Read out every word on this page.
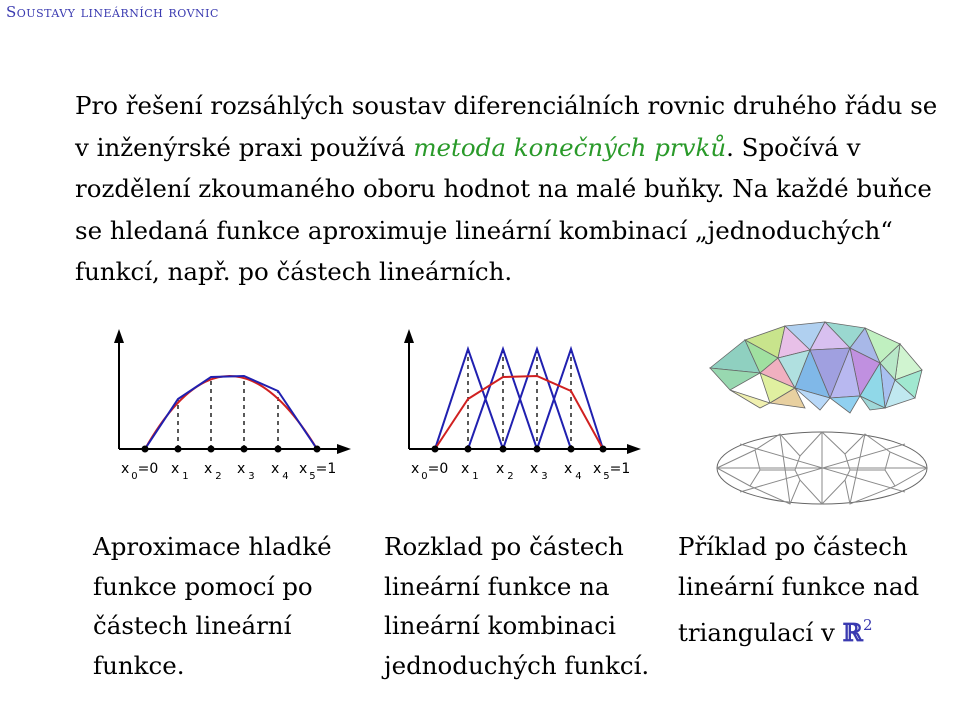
Soustavy lineárních rovnic
Pro řešení rozsáhlých soustav diferenciálních rovnic druhého řádu se v inženýrské praxi používá metoda konečných prvků. Spočívá v rozdělení zkoumaného oboru hodnot na malé buňky. Na každé buňce se hledaná funkce aproximuje lineární kombinací „jednoduchých“ funkcí, např. po částech lineárních.
x $_0$=0 x $_1$ x $_2$ x $_3$ x $_4$ x $_5$=1	x $_0$=0 x $_1$ x $_2$ x $_3$ x $_4$ x $_5$=1
Aproximace hladké funkce pomocí po částech lineární funkce.
Rozklad po částech lineární funkce na lineární kombinaci jednoduchých funkcí.
Příklad po částech lineární funkce nad triangulací v ℝ$^2$
